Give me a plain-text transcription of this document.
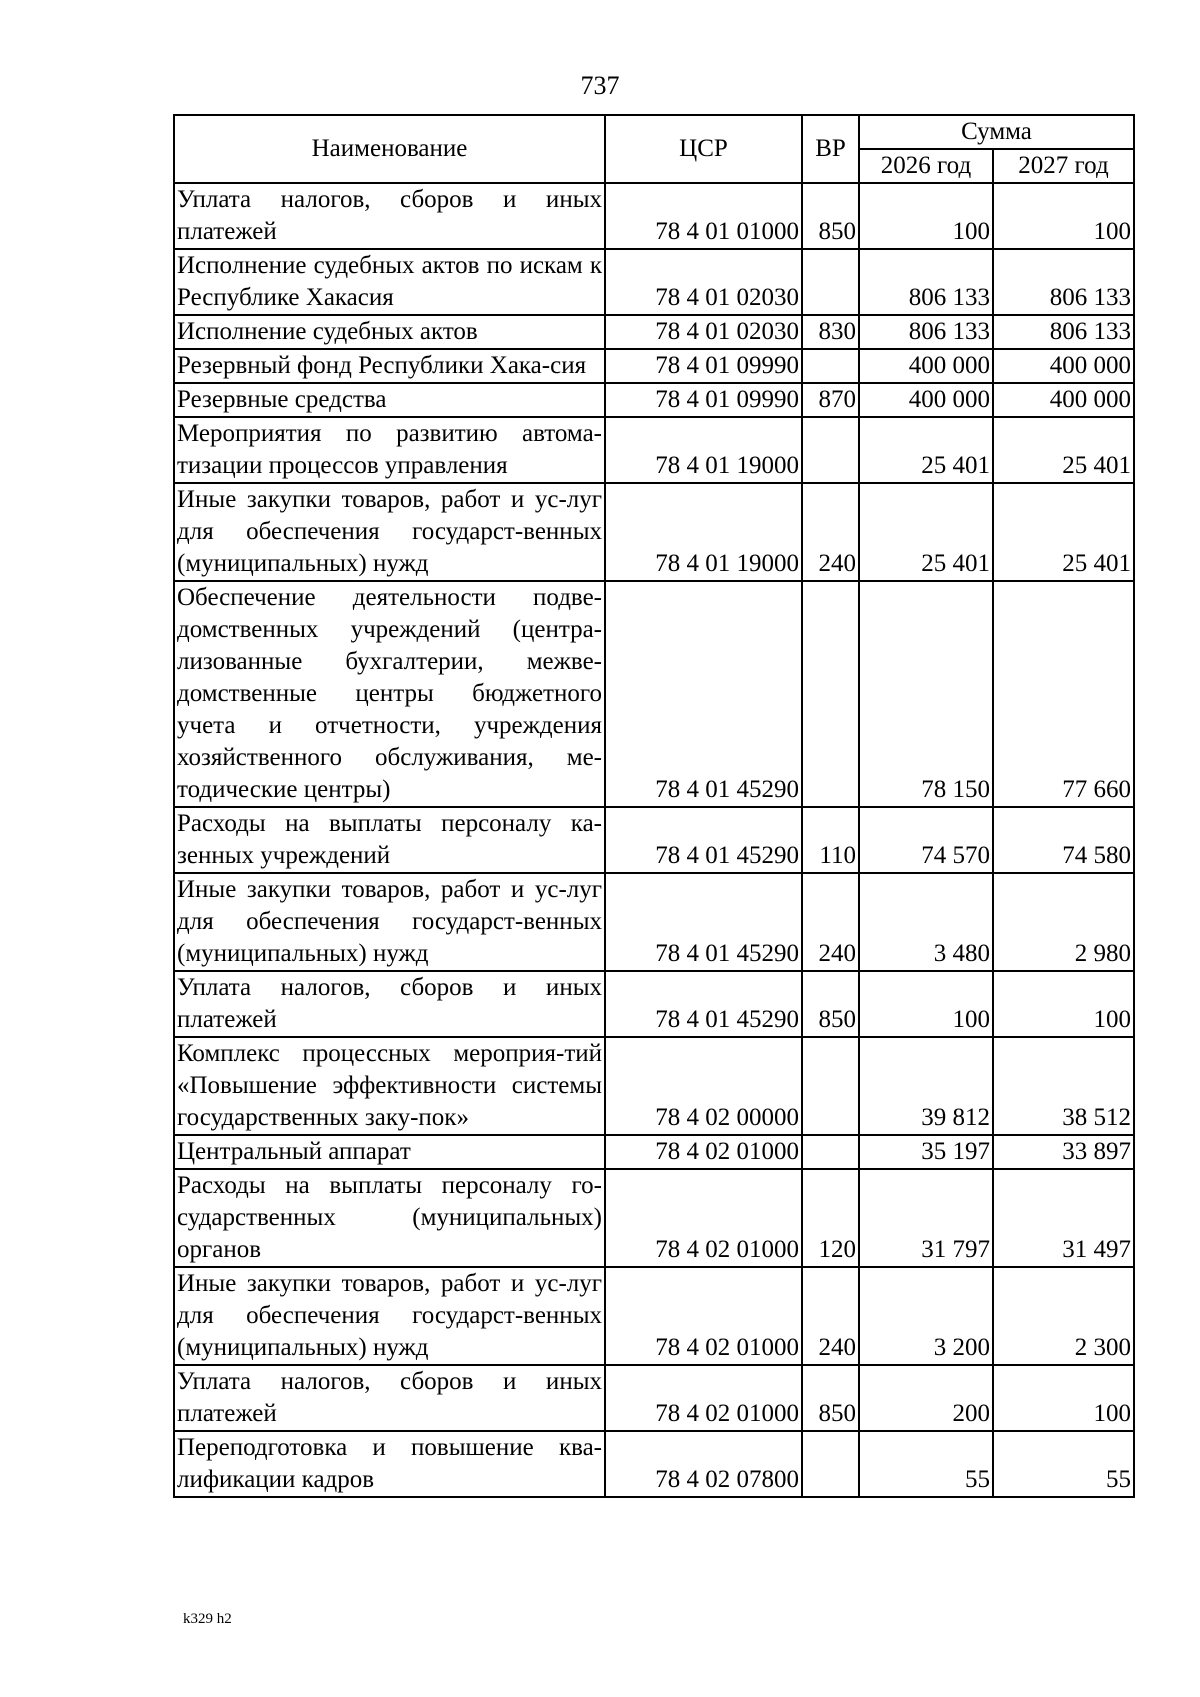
737
Наименование	ЦСР	ВР	Сумма	
			2026 год	2027 год
Уплата налогов, сборов и иных платежей	78 4 01 01000	850	100	100
Исполнение судебных актов по искам к Республике Хакасия	78 4 01 02030		806 133	806 133
Исполнение судебных актов	78 4 01 02030	830	806 133	806 133
Резервный фонд Республики Хака-сия	78 4 01 09990		400 000	400 000
Резервные средства	78 4 01 09990	870	400 000	400 000
Мероприятия по развитию автома-тизации процессов управления	78 4 01 19000		25 401	25 401
Иные закупки товаров, работ и ус-луг для обеспечения государст-венных (муниципальных) нужд	78 4 01 19000	240	25 401	25 401
Обеспечение деятельности подве-домственных учреждений (центра-лизованные бухгалтерии, межве-домственные центры бюджетного учета и отчетности, учреждения хозяйственного обслуживания, ме-тодические центры)	78 4 01 45290		78 150	77 660
Расходы на выплаты персоналу ка-зенных учреждений	78 4 01 45290	110	74 570	74 580
Иные закупки товаров, работ и ус-луг для обеспечения государст-венных (муниципальных) нужд	78 4 01 45290	240	3 480	2 980
Уплата налогов, сборов и иных платежей	78 4 01 45290	850	100	100
Комплекс процессных мероприя-тий «Повышение эффективности системы государственных заку-пок»	78 4 02 00000		39 812	38 512
Центральный аппарат	78 4 02 01000		35 197	33 897
Расходы на выплаты персоналу го-сударственных (муниципальных) органов	78 4 02 01000	120	31 797	31 497
Иные закупки товаров, работ и ус-луг для обеспечения государст-венных (муниципальных) нужд	78 4 02 01000	240	3 200	2 300
Уплата налогов, сборов и иных платежей	78 4 02 01000	850	200	100
Переподготовка и повышение ква-лификации кадров	78 4 02 07800		55	55
k329 h2
